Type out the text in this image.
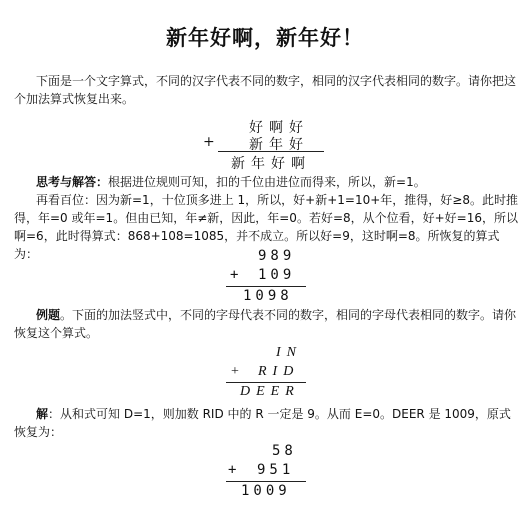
新年好啊，新年好！

下面是一个文字算式，不同的汉字代表不同的数字，相同的汉字代表相同的数字。请你把这个加法算式恢复出来。

好啊好
+ 新年好
新年好啊

思考与解答：根据进位规则可知，扣的千位由进位而得来，所以，新=1。

再看百位：因为新=1，十位顶多进上 1，所以，好+新+1=10+年，推得，好≥8。此时推得，年=0 或年=1。但由已知，年≠新，因此，年=0。若好=8，从个位看，好+好=16，所以啊=6，此时得算式：868+108=1085，并不成立。所以好=9，这时啊=8。所恢复的算式为：	989
+ 109
1098

例题。下面的加法竖式中，不同的字母代表不同的数字，相同的字母代表相同的数字。请你恢复这个算式。

IN
+ RID
DEER

解：从和式可知 D=1，则加数 RID 中的 R 一定是 9。从而 E=0。DEER 是 1009，原式恢复为：

58
+ 951
1009
